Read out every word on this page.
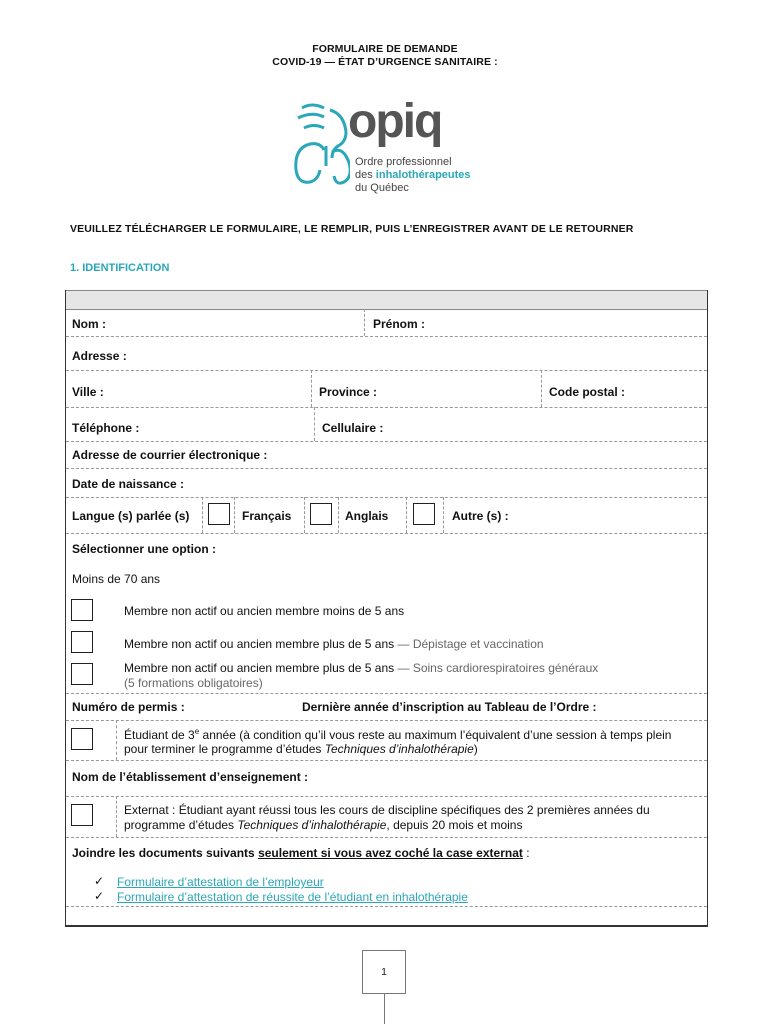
FORMULAIRE DE DEMANDE
COVID-19 — ÉTAT D’URGENCE SANITAIRE :
opiq
Ordre professionnel
des inhalothérapeutes
du Québec
VEUILLEZ TÉLÉCHARGER LE FORMULAIRE, LE REMPLIR, PUIS L’ENREGISTRER AVANT DE LE RETOURNER
1. IDENTIFICATION
Nom :	Prénom :
Adresse :
Ville :	Province :	Code postal :
Téléphone :	Cellulaire :
Adresse de courrier électronique :
Date de naissance :
Langue (s) parlée (s)	Français	Anglais	Autre (s) :
Sélectionner une option :
Moins de 70 ans
Membre non actif ou ancien membre moins de 5 ans
Membre non actif ou ancien membre plus de 5 ans — Dépistage et vaccination
Membre non actif ou ancien membre plus de 5 ans — Soins cardiorespiratoires généraux
(5 formations obligatoires)
Numéro de permis :	Dernière année d’inscription au Tableau de l’Ordre :
Étudiant de 3e année (à condition qu’il vous reste au maximum l’équivalent d’une session à temps plein
pour terminer le programme d’études Techniques d’inhalothérapie)
Nom de l’établissement d’enseignement :
Externat : Étudiant ayant réussi tous les cours de discipline spécifiques des 2 premières années du
programme d’études Techniques d’inhalothérapie, depuis 20 mois et moins
Joindre les documents suivants seulement si vous avez coché la case externat :
✓ Formulaire d’attestation de l’employeur
✓ Formulaire d’attestation de réussite de l’étudiant en inhalothérapie
1
